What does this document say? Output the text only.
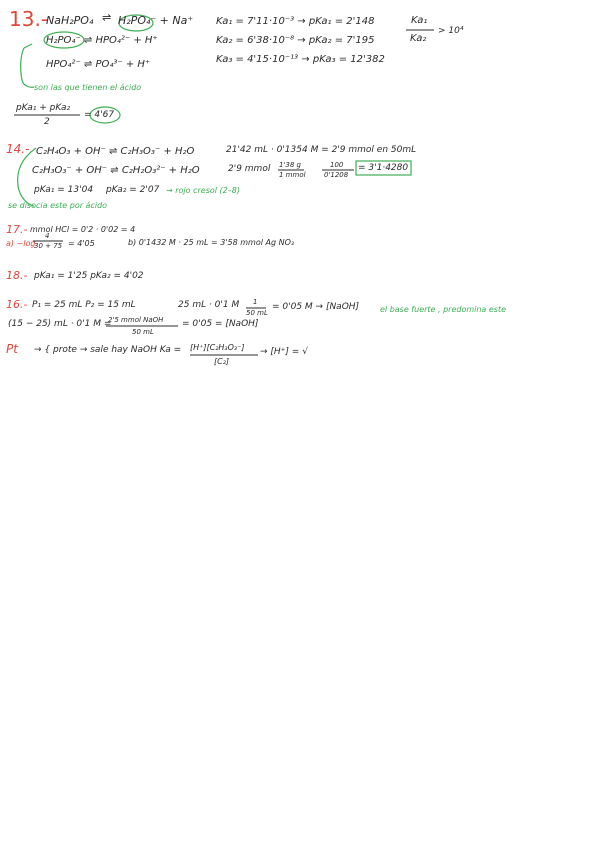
13.-
NaH₂PO₄ ⇌ H₂PO₄⁻ + Na⁺
H₂PO₄⁻ ⇌ HPO₄²⁻ + H⁺
HPO₄²⁻ ⇌ PO₄³⁻ + H⁺
Ka₁ = 7'11·10⁻³ → pKa₁ = 2'148
Ka₂ = 6'38·10⁻⁸ → pKa₂ = 7'195
Ka₃ = 4'15·10⁻¹³ → pKa₃ = 12'382
Ka₁
Ka₂
> 10⁴
son las que tienen el ácido
pKa₁ + pKa₂
2
= 4'67
14.- C₂H₄O₃ + OH⁻ ⇌ C₂H₃O₃⁻ + H₂O
C₂H₃O₃⁻ + OH⁻ ⇌ C₂H₂O₃²⁻ + H₂O
21'42 mL · 0'1354 M = 2'9 mmol en 50mL
2'9 mmol 1'38 g
1 mmol
100
0'1208
= 3'1·4280
pKa₁ = 13'04 pKa₂ = 2'07 → rojo cresol (2–8)
se disocia este por ácido
17.- mmol HCl = 0'2 · 0'02 = 4
a) −log
4
30 + 75 = 4'05	b) 0'1432 M · 25 mL = 3'58 mmol Ag NO₃
18.- pKa₁ = 1'25 pKa₂ = 4'02
16.- P₁ = 25 mL P₂ = 15 mL	25 mL · 0'1 M 1
50 mL
= 0'05 M → [NaOH]	el base fuerte , predomina este
(15 − 25) mL · 0'1 M =
2'5 mmol NaOH
50 mL
= 0'05 = [NaOH]
Pt → { prote → sale hay NaOH Ka = [H⁺][C₂H₃O₃⁻]
[C₂]
→ [H⁺] = √
